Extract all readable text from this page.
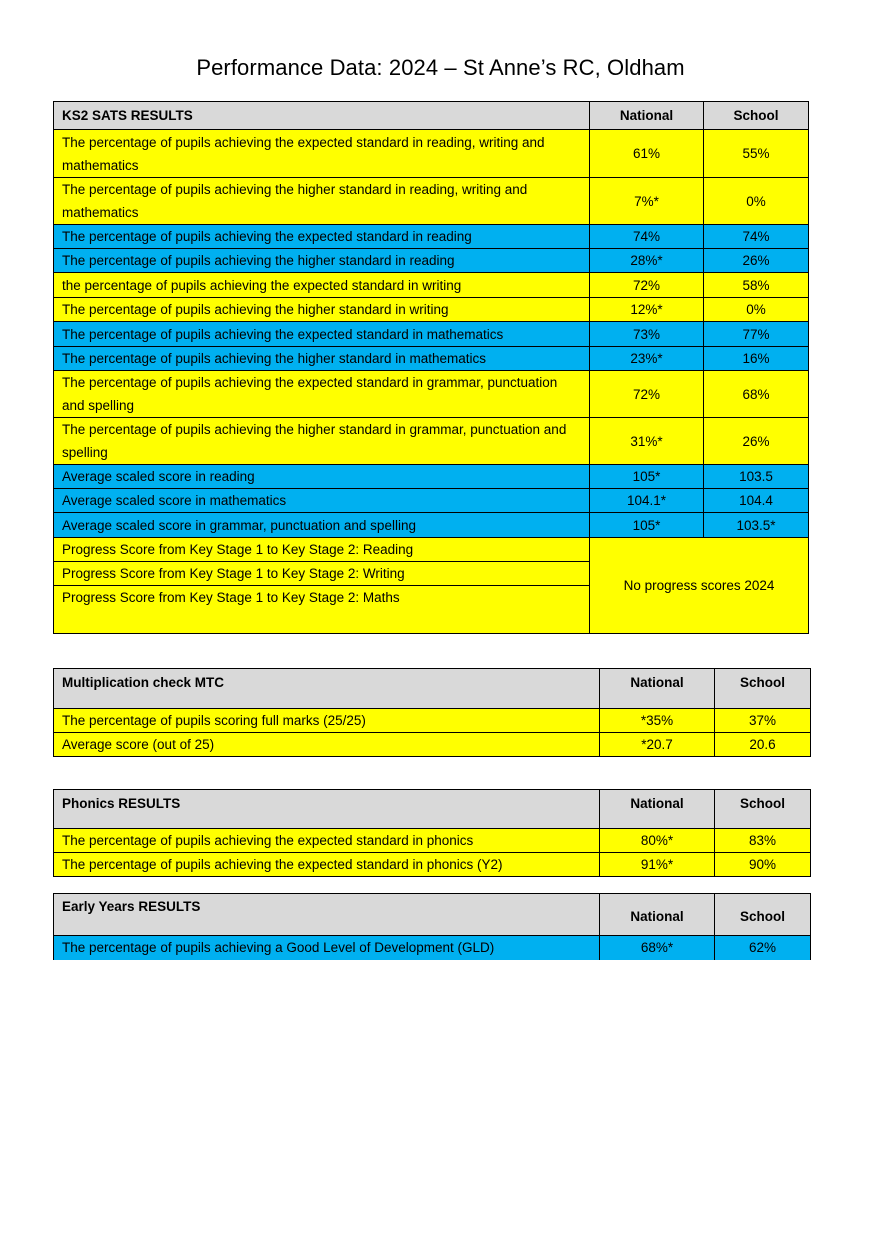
Performance Data: 2024 – St Anne’s RC, Oldham
KS2 SATS RESULTS	National	School
The percentage of pupils achieving the expected standard in reading, writing and mathematics	61%	55%
The percentage of pupils achieving the higher standard in reading, writing and mathematics	7%*	0%
The percentage of pupils achieving the expected standard in reading	74%	74%
The percentage of pupils achieving the higher standard in reading	28%*	26%
the percentage of pupils achieving the expected standard in writing	72%	58%
The percentage of pupils achieving the higher standard in writing	12%*	0%
The percentage of pupils achieving the expected standard in mathematics	73%	77%
The percentage of pupils achieving the higher standard in mathematics	23%*	16%
The percentage of pupils achieving the expected standard in grammar, punctuation and spelling	72%	68%
The percentage of pupils achieving the higher standard in grammar, punctuation and spelling	31%*	26%
Average scaled score in reading	105*	103.5
Average scaled score in mathematics	104.1*	104.4
Average scaled score in grammar, punctuation and spelling	105*	103.5*
Progress Score from Key Stage 1 to Key Stage 2: Reading	No progress scores 2024	
Progress Score from Key Stage 1 to Key Stage 2: Writing		
Progress Score from Key Stage 1 to Key Stage 2: Maths		
Multiplication check MTC	National	School
The percentage of pupils scoring full marks (25/25)	*35%	37%
Average score (out of 25)	*20.7	20.6
Phonics RESULTS	National	School
The percentage of pupils achieving the expected standard in phonics	80%*	83%
The percentage of pupils achieving the expected standard in phonics (Y2)	91%*	90%
Early Years RESULTS	National	School
The percentage of pupils achieving a Good Level of Development (GLD)	68%*	62%
